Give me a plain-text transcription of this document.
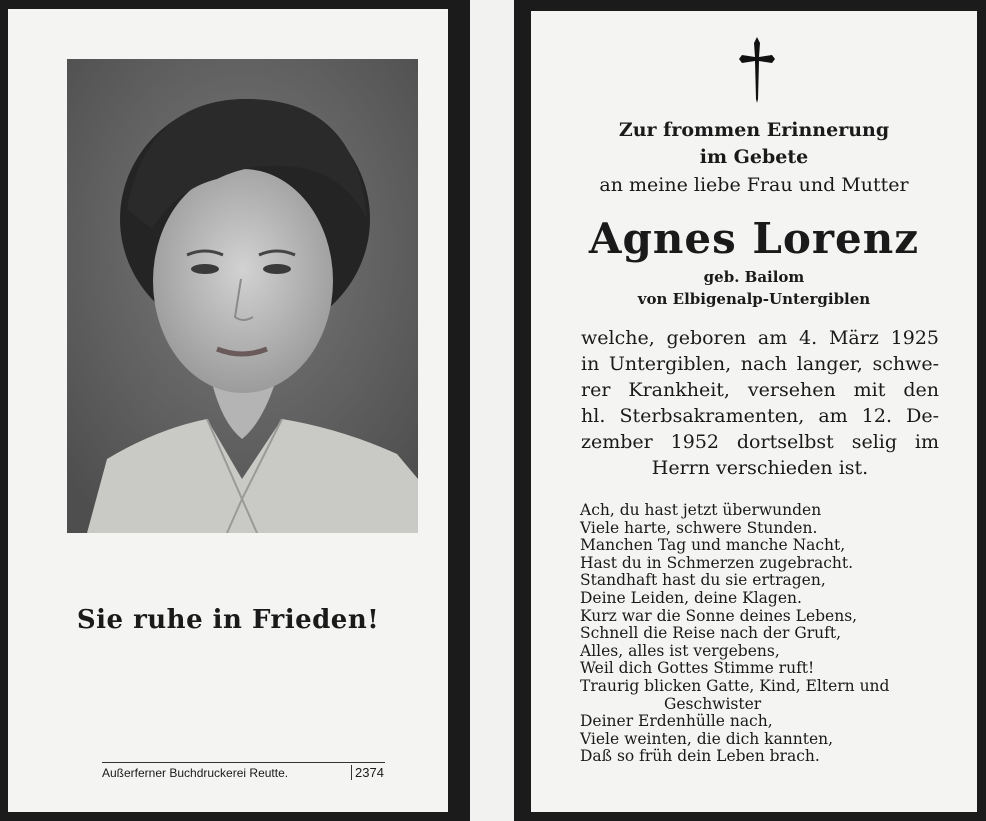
Sie ruhe in Frieden!
Außerferner Buchdruckerei Reutte.	2374
Zur frommen Erinnerung
im Gebete
an meine liebe Frau und Mutter
Agnes Lorenz
geb. Bailom
von Elbigenalp-Untergiblen
welche, geboren am 4. März 1925
in Untergiblen, nach langer, schwe-
rer Krankheit, versehen mit den
hl. Sterbsakramenten, am 12. De-
zember 1952 dortselbst selig im
Herrn verschieden ist.
Ach, du hast jetzt überwunden
Viele harte, schwere Stunden.
Manchen Tag und manche Nacht,
Hast du in Schmerzen zugebracht.
Standhaft hast du sie ertragen,
Deine Leiden, deine Klagen.
Kurz war die Sonne deines Lebens,
Schnell die Reise nach der Gruft,
Alles, alles ist vergebens,
Weil dich Gottes Stimme ruft!
Traurig blicken Gatte, Kind, Eltern und
Geschwister
Deiner Erdenhülle nach,
Viele weinten, die dich kannten,
Daß so früh dein Leben brach.
